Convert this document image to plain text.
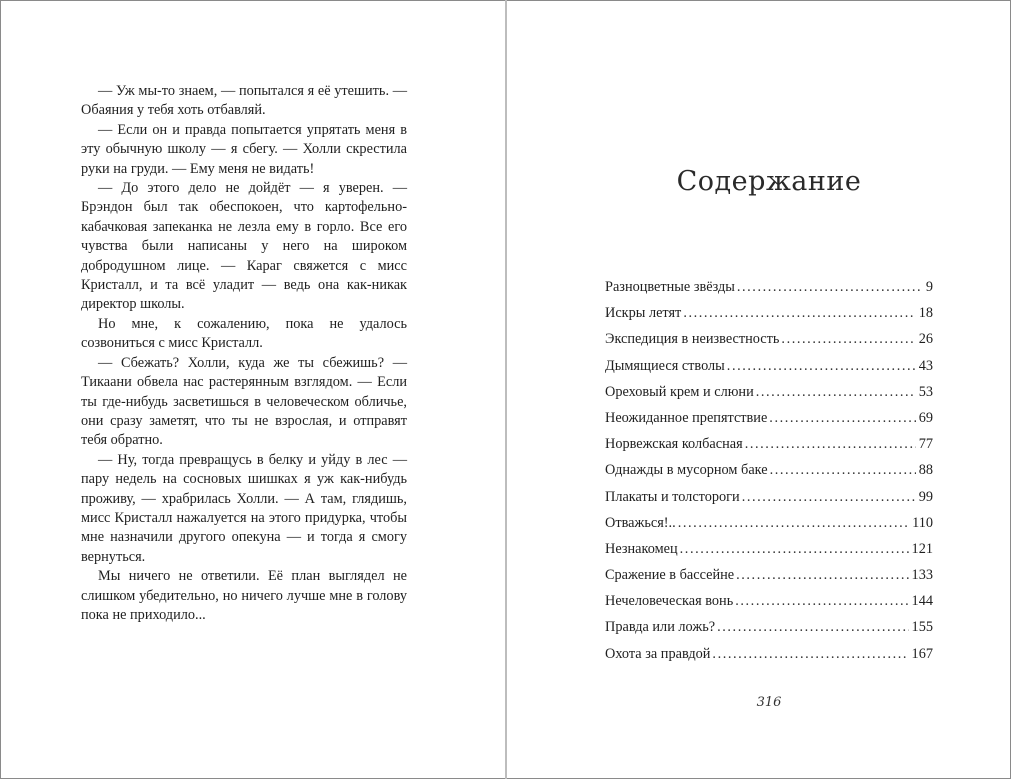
— Уж мы-то знаем, — попытался я её утешить. — Обаяния у тебя хоть отбавляй.

— Если он и правда попытается упрятать меня в эту обычную школу — я сбегу. — Холли скрестила руки на груди. — Ему меня не видать!

— До этого дело не дойдёт — я уверен. — Брэндон был так обеспокоен, что картофельно-кабачковая запеканка не лезла ему в горло. Все его чувства были написаны у него на широком добродушном лице. — Караг свяжется с мисс Кристалл, и та всё уладит — ведь она как-никак директор школы.

Но мне, к сожалению, пока не удалось созвониться с мисс Кристалл.

— Сбежать? Холли, куда же ты сбежишь? — Тикаани обвела нас растерянным взглядом. — Если ты где-нибудь засветишься в человеческом обличье, они сразу заметят, что ты не взрослая, и отправят тебя обратно.

— Ну, тогда превращусь в белку и уйду в лес — пару недель на сосновых шишках я уж как-нибудь проживу, — храбрилась Холли. — А там, глядишь, мисс Кристалл нажалуется на этого придурка, чтобы мне назначили другого опекуна — и тогда я смогу вернуться.

Мы ничего не ответили. Её план выглядел не слишком убедительно, но ничего лучше мне в голову пока не приходило...

Содержание
Разноцветные звёзды . . .	9
Искры летят . . .	18
Экспедиция в неизвестность . . .	26
Дымящиеся стволы . . .	43
Ореховый крем и слюни . . .	53
Неожиданное препятствие . . .	69
Норвежская колбасная . . .	77
Однажды в мусорном баке . . .	88
Плакаты и толстороги . . .	99
Отважься!.. . . .	110
Незнакомец . . .	121
Сражение в бассейне . . .	133
Нечеловеческая вонь . . .	144
Правда или ложь? . . .	155
Охота за правдой . . .	167
316
